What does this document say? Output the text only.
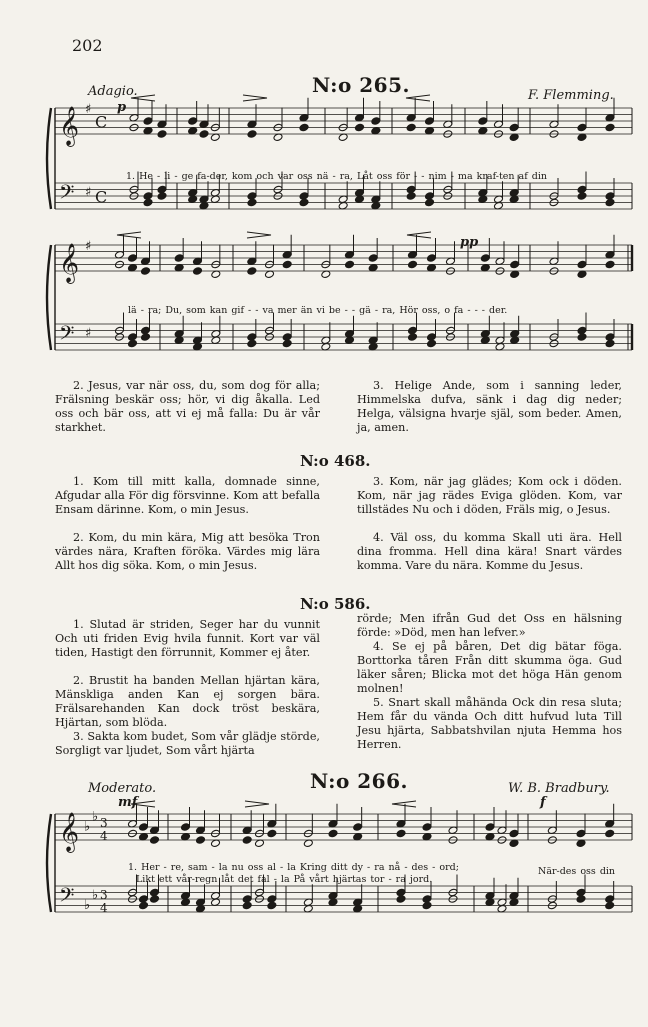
202
N:o 265.
Adagio.	F. Flemming.
p
pp
𝄞
𝄢
♯
♯
C
C
𝄞
𝄢
♯
♯
𝄞
𝄢
♭
♭
♭
♭
3
4
3
4
1. He - li - ge fa-der, kom och var oss nä - ra, Låt oss för - - nim - ma kraf-ten af din
lä - ra; Du, som kan gif - - va mer än vi be - - gä - ra, Hör oss, o fa - - - der.
2. Jesus, var när oss, du, som dog för alla; Frälsning beskär oss; hör, vi dig åkalla. Led oss och bär oss, att vi ej må falla: Du är vår starkhet.
3. Helige Ande, som i sanning leder, Himmelska dufva, sänk i dag dig neder; Helga, välsigna hvarje själ, som beder. Amen, ja, amen.
N:o 468.
1. Kom till mitt kalla, domnade sinne, Afgudar alla För dig försvinne. Kom att befalla Ensam därinne. Kom, o min Jesus.
2. Kom, du min kära, Mig att besöka Tron värdes nära, Kraften föröka. Värdes mig lära Allt hos dig söka. Kom, o min Jesus.
3. Kom, när jag glädes; Kom ock i döden. Kom, när jag rädes Eviga glöden. Kom, var tillstädes Nu och i döden, Fräls mig, o Jesus.
4. Väl oss, du komma Skall uti ära. Hell dina fromma. Hell dina kära! Snart värdes komma. Vare du nära. Komme du Jesus.
N:o 586.
1. Slutad är striden, Seger har du vunnit Och uti friden Evig hvila funnit. Kort var väl tiden, Hastigt den förrunnit, Kommer ej åter.
2. Brustit ha banden Mellan hjärtan kära, Mänskliga anden Kan ej sorgen bära. Frälsarehanden Kan dock tröst beskära, Hjärtan, som blöda.
3. Sakta kom budet, Som vår glädje störde, Sorgligt var ljudet, Som vårt hjärta
rörde; Men ifrån Gud det Oss en hälsning förde: »Död, men han lefver.»
4. Se ej på båren, Det dig bätar föga. Borttorka tåren Från ditt skumma öga. Gud läker såren; Blicka mot det höga Hän genom molnen!
5. Snart skall måhända Ock din resa sluta; Hem får du vända Och ditt hufvud luta Till Jesu hjärta, Sabbatshvilan njuta Hemma hos Herren.
N:o 266.
Moderato.	W. B. Bradbury.
mf	f
1. Her - re, sam - la nu oss al - la Kring ditt dy - ra nå - des - ord;
Likt ett vår-regn låt det fal - la På vårt hjärtas tor - ra jord.
När-des oss din
